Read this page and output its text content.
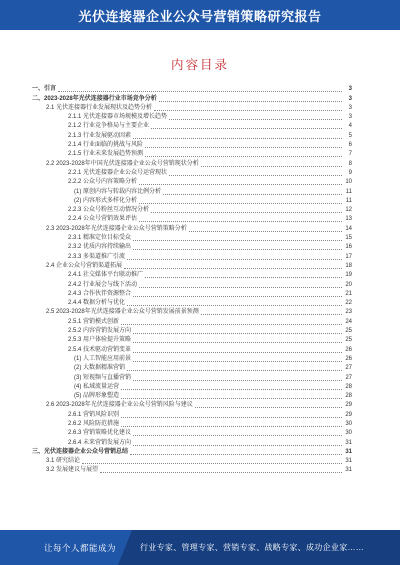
光伏连接器企业公众号营销策略研究报告
内容目录
一、引言	3
二、2023-2028年光伏连接器行业市场竞争分析	3
2.1 光伏连接器行业发展现状及趋势分析	3
2.1.1 光伏连接器市场规模及增长趋势	3
2.1.2 行业竞争格局与主要企业	4
2.1.3 行业发展驱动因素	5
2.1.4 行业面临的挑战与风险	6
2.1.5 行业未来发展趋势预测	7
2.2 2023-2028年中国光伏连接器企业公众号营销现状分析	8
2.2.1 光伏连接器企业公众号运营现状	9
2.2.2 公众号内容策略分析	10
(1) 原创内容与转载内容比例分析	11
(2) 内容形式多样化分析	11
2.2.3 公众号粉丝互动情况分析	12
2.2.4 公众号营销效果评估	13
2.3 2023-2028年光伏连接器企业公众号营销策略分析	14
2.3.1 精准定位目标受众	15
2.3.2 优质内容持续输出	16
2.3.3 多渠道推广引流	17
2.4 企业公众号营销渠道拓展	18
2.4.1 社交媒体平台联动推广	19
2.4.2 行业展会与线下活动	20
2.4.3 合作伙伴资源整合	21
2.4.4 数据分析与优化	22
2.5 2023-2028年光伏连接器企业公众号营销发展前景预测	23
2.5.1 营销模式创新	24
2.5.2 内容营销发展方向	25
2.5.3 用户体验提升策略	25
2.5.4 技术驱动营销变革	26
(1) 人工智能应用前景	26
(2) 大数据精准营销	27
(3) 短视频与直播营销	27
(4) 私域流量运营	28
(5) 品牌形象塑造	28
2.6 2023-2028年光伏连接器企业公众号营销风险与建议	29
2.6.1 营销风险识别	29
2.6.2 风险防范措施	30
2.6.3 营销策略优化建议	30
2.6.4 未来营销发展方向	31
三、光伏连接器企业公众号营销总结	31
3.1 研究结论	31
3.2 发展建议与展望	31
让每个人都能成为	行业专家、管理专家、营销专家、战略专家、成功企业家……
